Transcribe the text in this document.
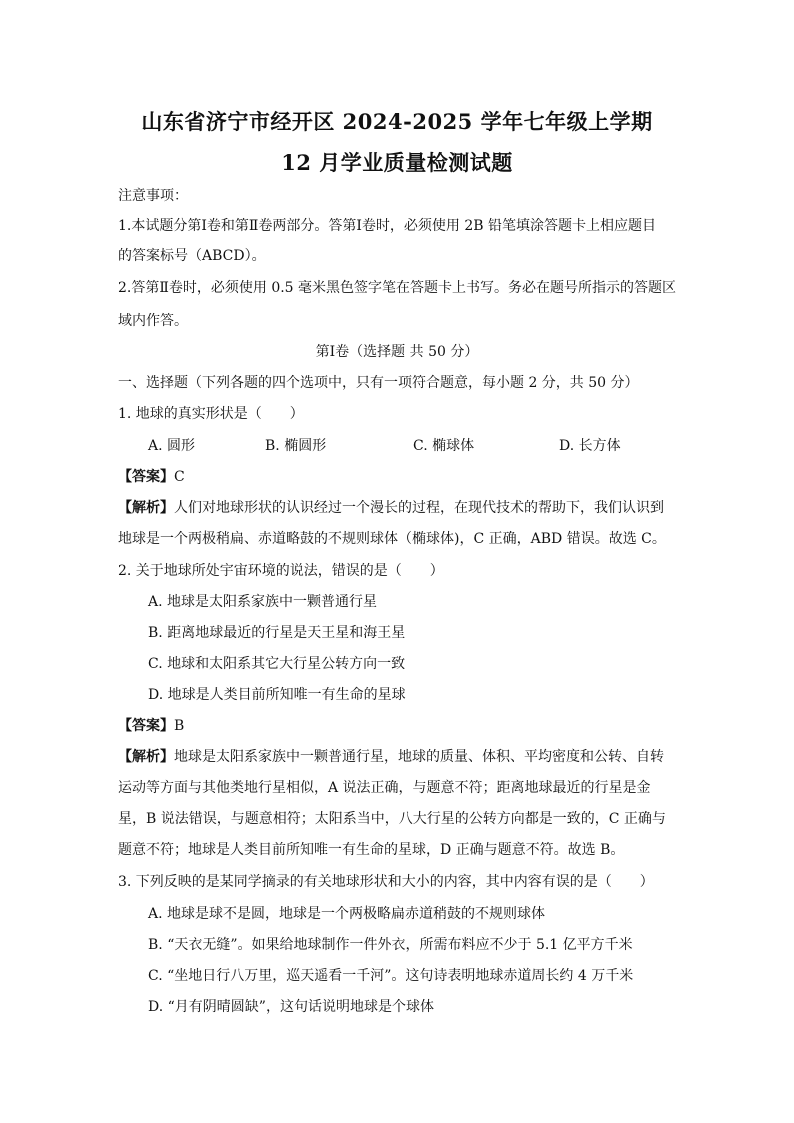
山东省济宁市经开区 2024-2025 学年七年级上学期
12 月学业质量检测试题
注意事项：
1.本试题分第Ⅰ卷和第Ⅱ卷两部分。答第Ⅰ卷时，必须使用 2B 铅笔填涂答题卡上相应题目
的答案标号（ABCD）。
2.答第Ⅱ卷时，必须使用 0.5 毫米黑色签字笔在答题卡上书写。务必在题号所指示的答题区
域内作答。
第Ⅰ卷（选择题 共 50 分）
一、选择题（下列各题的四个选项中，只有一项符合题意，每小题 2 分，共 50 分）
1. 地球的真实形状是（　　）
A. 圆形	B. 椭圆形	C. 椭球体	D. 长方体
【答案】C
【解析】人们对地球形状的认识经过一个漫长的过程，在现代技术的帮助下，我们认识到
地球是一个两极稍扁、赤道略鼓的不规则球体（椭球体)，C 正确，ABD 错误。故选 C。
2. 关于地球所处宇宙环境的说法，错误的是（　　）
A. 地球是太阳系家族中一颗普通行星
B. 距离地球最近的行星是天王星和海王星
C. 地球和太阳系其它大行星公转方向一致
D. 地球是人类目前所知唯一有生命的星球
【答案】B
【解析】地球是太阳系家族中一颗普通行星，地球的质量、体积、平均密度和公转、自转
运动等方面与其他类地行星相似，A 说法正确，与题意不符；距离地球最近的行星是金
星，B 说法错误，与题意相符；太阳系当中，八大行星的公转方向都是一致的，C 正确与
题意不符；地球是人类目前所知唯一有生命的星球，D 正确与题意不符。故选 B。
3. 下列反映的是某同学摘录的有关地球形状和大小的内容，其中内容有误的是（　　）
A. 地球是球不是圆，地球是一个两极略扁赤道稍鼓的不规则球体
B. “天衣无缝”。如果给地球制作一件外衣，所需布料应不少于 5.1 亿平方千米
C. “坐地日行八万里，巡天遥看一千河”。这句诗表明地球赤道周长约 4 万千米
D. “月有阴晴圆缺”，这句话说明地球是个球体
